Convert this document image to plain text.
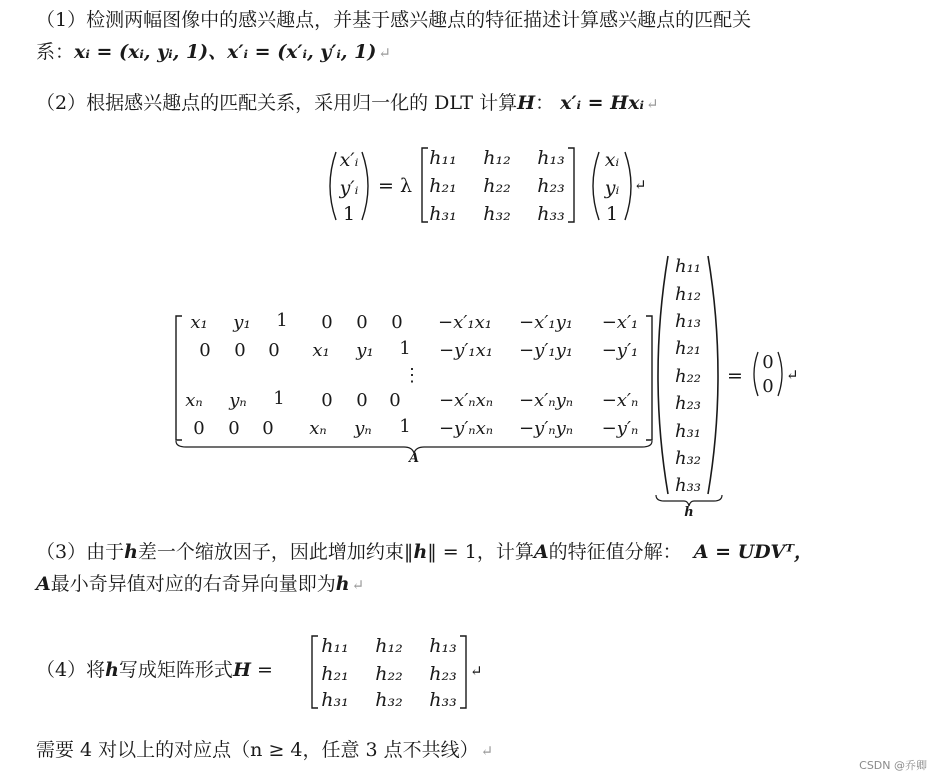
（1）检测两幅图像中的感兴趣点，并基于感兴趣点的特征描述计算感兴趣点的匹配关
系：xᵢ = (xᵢ, yᵢ, 1)、x′ᵢ = (x′ᵢ, y′ᵢ, 1) ↵
（2）根据感兴趣点的匹配关系，采用归一化的 DLT 计算H： x′ᵢ = Hxᵢ ↵
x′ᵢ
y′ᵢ
1
= λ
h₁₁ h₁₂ h₁₃
h₂₁ h₂₂ h₂₃
h₃₁ h₃₂ h₃₃
xᵢ
yᵢ
1
↵
x₁ y₁ 1 0 0 0 −x′₁x₁ −x′₁y₁ −x′₁
0 0 0 x₁ y₁ 1 −y′₁x₁ −y′₁y₁ −y′₁
⋮
xₙ yₙ 1 0 0 0 −x′ₙxₙ −x′ₙyₙ −x′ₙ
0 0 0 xₙ yₙ 1 −y′ₙxₙ −y′ₙyₙ −y′ₙ
A
h₁₁
h₁₂
h₁₃
h₂₁
h₂₂
h₂₃
h₃₁
h₃₂
h₃₃
h
=
0
0
↵
h₁₁ h₁₂ h₁₃
h₂₁ h₂₂ h₂₃
h₃₁ h₃₂ h₃₃
↵
（3）由于h差一个缩放因子，因此增加约束‖h‖ = 1，计算A的特征值分解： A = UDVᵀ，
A最小奇异值对应的右奇异向量即为h ↵
（4）将h写成矩阵形式H =
需要 4 对以上的对应点（n ≥ 4，任意 3 点不共线） ↵
CSDN @乔卿
